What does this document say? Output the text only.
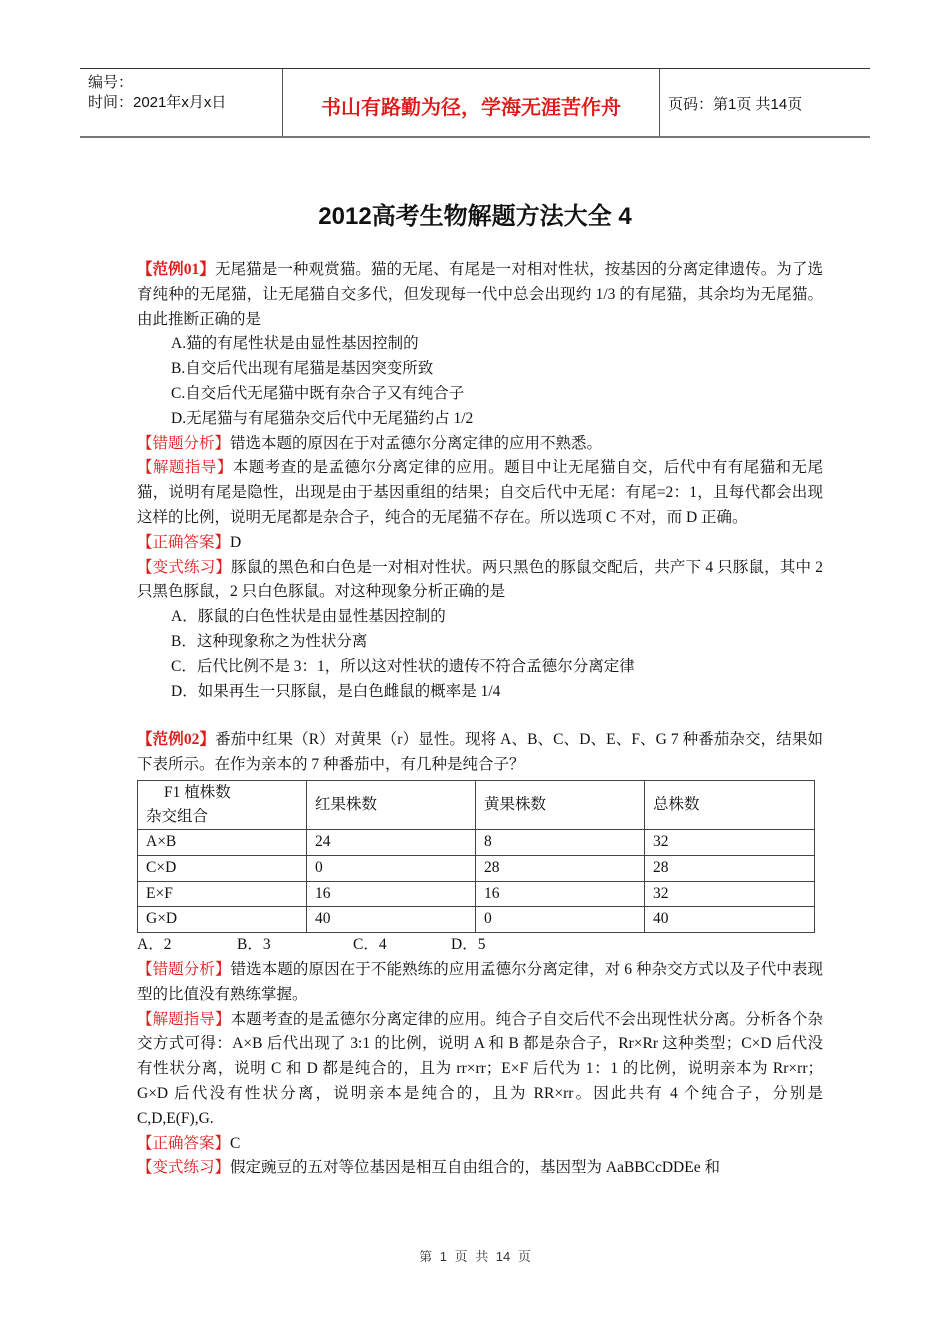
编号：
时间：2021年x月x日	书山有路勤为径，学海无涯苦作舟	页码：第1页 共14页
2012高考生物解题方法大全 4

【范例01】无尾猫是一种观赏猫。猫的无尾、有尾是一对相对性状，按基因的分离定律遗传。为了选育纯种的无尾猫，让无尾猫自交多代，但发现每一代中总会出现约 1/3 的有尾猫，其余均为无尾猫。由此推断正确的是

A.猫的有尾性状是由显性基因控制的

B.自交后代出现有尾猫是基因突变所致

C.自交后代无尾猫中既有杂合子又有纯合子

D.无尾猫与有尾猫杂交后代中无尾猫约占 1/2

【错题分析】错选本题的原因在于对孟德尔分离定律的应用不熟悉。

【解题指导】本题考查的是孟德尔分离定律的应用。题目中让无尾猫自交，后代中有有尾猫和无尾猫，说明有尾是隐性，出现是由于基因重组的结果；自交后代中无尾：有尾=2：1，且每代都会出现这样的比例，说明无尾都是杂合子，纯合的无尾猫不存在。所以选项 C 不对，而 D 正确。

【正确答案】D

【变式练习】豚鼠的黑色和白色是一对相对性状。两只黑色的豚鼠交配后，共产下 4 只豚鼠，其中 2 只黑色豚鼠，2 只白色豚鼠。对这种现象分析正确的是

A．豚鼠的白色性状是由显性基因控制的

B．这种现象称之为性状分离

C．后代比例不是 3：1，所以这对性状的遗传不符合孟德尔分离定律

D．如果再生一只豚鼠，是白色雌鼠的概率是 1/4

【范例02】番茄中红果（R）对黄果（r）显性。现将 A、B、C、D、E、F、G 7 种番茄杂交，结果如下表所示。在作为亲本的 7 种番茄中，有几种是纯合子？

F1 植株数
杂交组合	红果株数	黄果株数	总株数
A×B	24	8	32
C×D	0	28	28
E×F	16	16	32
G×D	40	0	40

A．2	B．3	C．4	D．5

【错题分析】错选本题的原因在于不能熟练的应用孟德尔分离定律，对 6 种杂交方式以及子代中表现型的比值没有熟练掌握。

【解题指导】本题考查的是孟德尔分离定律的应用。纯合子自交后代不会出现性状分离。分析各个杂交方式可得：A×B 后代出现了 3:1 的比例，说明 A 和 B 都是杂合子，Rr×Rr 这种类型；C×D 后代没有性状分离，说明 C 和 D 都是纯合的，且为 rr×rr；E×F 后代为 1：1 的比例，说明亲本为 Rr×rr；G×D 后代没有性状分离，说明亲本是纯合的，且为 RR×rr。因此共有 4 个纯合子，分别是 C,D,E(F),G.

【正确答案】C

【变式练习】假定豌豆的五对等位基因是相互自由组合的，基因型为 AaBBCcDDEe 和

第 1 页 共 14 页
